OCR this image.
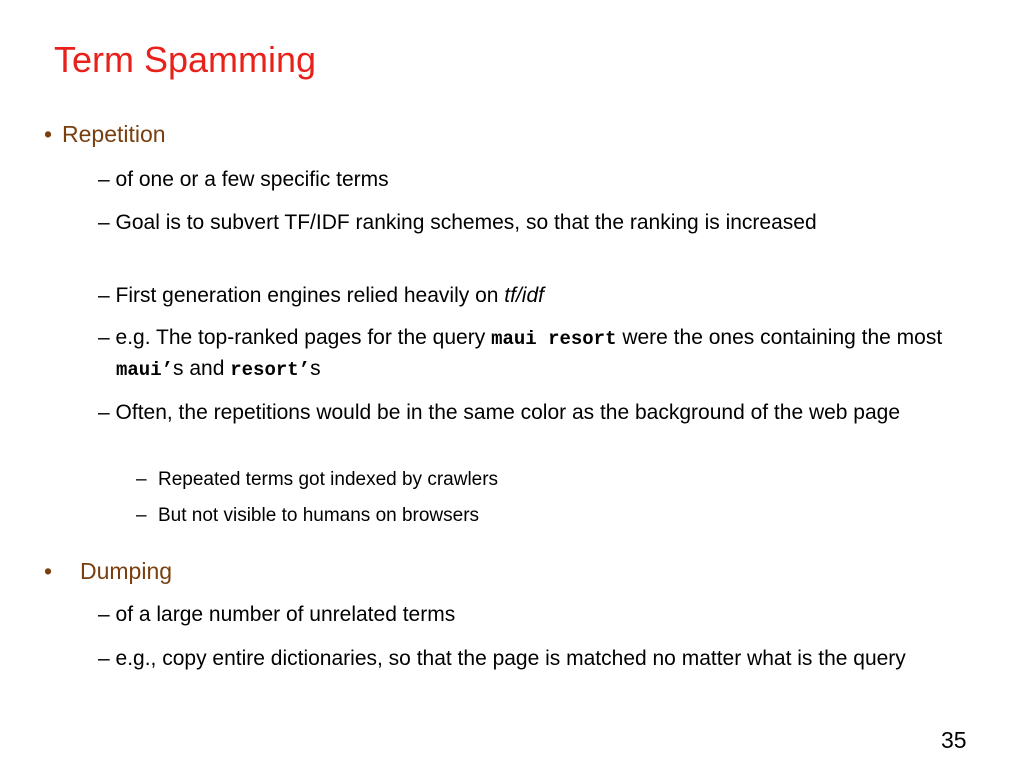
Term Spamming
• Repetition
– of one or a few specific terms
– Goal is to subvert TF/IDF ranking schemes, so that the ranking is increased
– First generation engines relied heavily on tf/idf
– e.g. The top-ranked pages for the query maui resort were the ones containing the most maui’s and resort’s
– Often, the repetitions would be in the same color as the background of the web page
– Repeated terms got indexed by crawlers
– But not visible to humans on browsers
• Dumping
– of a large number of unrelated terms
– e.g., copy entire dictionaries, so that the page is matched no matter what is the query
35
